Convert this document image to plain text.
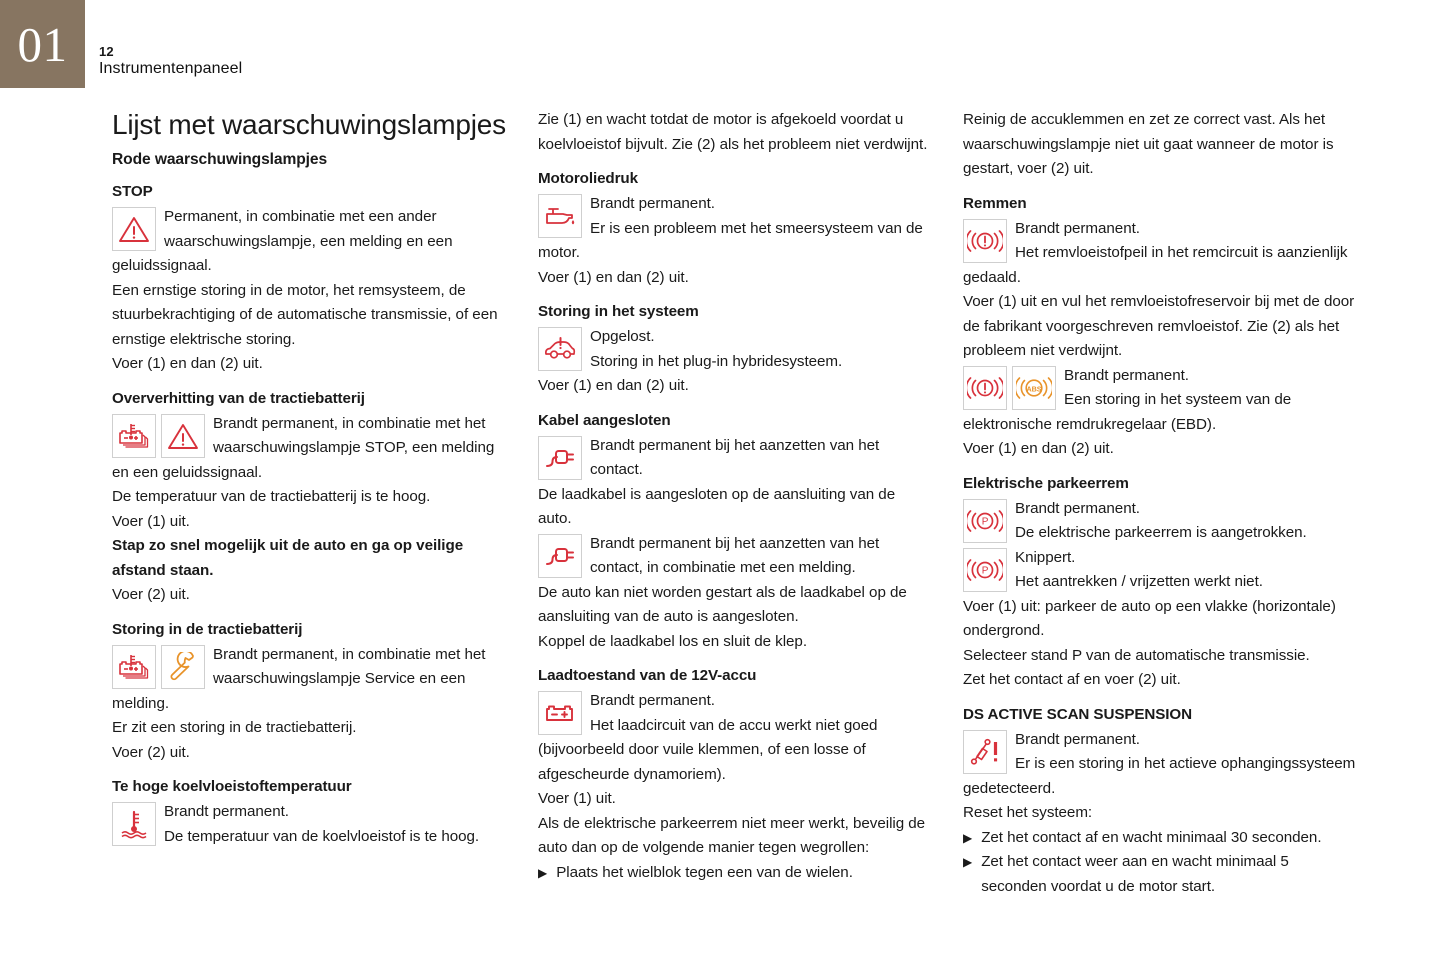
01 12
Instrumentenpaneel
Lijst met waarschuwingslampjes
Rode waarschuwingslampjes
STOP
Permanent, in combinatie met een ander waarschuwingslampje, een melding en een geluidssignaal.

Een ernstige storing in de motor, het remsysteem, de stuurbekrachtiging of de automatische transmissie, of een ernstige elektrische storing.

Voer (1) en dan (2) uit.

Oververhitting van de tractiebatterij
Brandt permanent, in combinatie met het waarschuwingslampje STOP, een melding en een geluidssignaal.

De temperatuur van de tractiebatterij is te hoog.

Voer (1) uit.

Stap zo snel mogelijk uit de auto en ga op veilige afstand staan.

Voer (2) uit.

Storing in de tractiebatterij
Brandt permanent, in combinatie met het waarschuwingslampje Service en een melding.

Er zit een storing in de tractiebatterij.

Voer (2) uit.

Te hoge koelvloeistoftemperatuur
Brandt permanent.
De temperatuur van de koelvloeistof is te hoog.

Zie (1) en wacht totdat de motor is afgekoeld voordat u koelvloeistof bijvult. Zie (2) als het probleem niet verdwijnt.

Motoroliedruk
Brandt permanent.
Er is een probleem met het smeersysteem van de motor.

Voer (1) en dan (2) uit.

Storing in het systeem
Opgelost.
Storing in het plug-in hybridesysteem.

Voer (1) en dan (2) uit.

Kabel aangesloten
Brandt permanent bij het aanzetten van het contact.

De laadkabel is aangesloten op de aansluiting van de auto.

Brandt permanent bij het aanzetten van het contact, in combinatie met een melding.

De auto kan niet worden gestart als de laadkabel op de aansluiting van de auto is aangesloten.

Koppel de laadkabel los en sluit de klep.

Laadtoestand van de 12V-accu
Brandt permanent.
Het laadcircuit van de accu werkt niet goed (bijvoorbeeld door vuile klemmen, of een losse of afgescheurde dynamoriem).

Voer (1) uit.

Als de elektrische parkeerrem niet meer werkt, beveilig de auto dan op de volgende manier tegen wegrollen:

▶ Plaats het wielblok tegen een van de wielen.

Reinig de accuklemmen en zet ze correct vast. Als het waarschuwingslampje niet uit gaat wanneer de motor is gestart, voer (2) uit.

Remmen
Brandt permanent.
Het remvloeistofpeil in het remcircuit is aanzienlijk gedaald.

Voer (1) uit en vul het remvloeistofreservoir bij met de door de fabrikant voorgeschreven remvloeistof. Zie (2) als het probleem niet verdwijnt.

ABS
Brandt permanent.
Een storing in het systeem van de elektronische remdrukregelaar (EBD).

Voer (1) en dan (2) uit.

Elektrische parkeerrem
P
Brandt permanent.
De elektrische parkeerrem is aangetrokken.
P
Knippert.
Het aantrekken / vrijzetten werkt niet.

Voer (1) uit: parkeer de auto op een vlakke (horizontale) ondergrond.

Selecteer stand P van de automatische transmissie.

Zet het contact af en voer (2) uit.

DS ACTIVE SCAN SUSPENSION
Brandt permanent.
Er is een storing in het actieve ophangingssysteem gedetecteerd.

Reset het systeem:

▶ Zet het contact af en wacht minimaal 30 seconden.
▶ Zet het contact weer aan en wacht minimaal 5 seconden voordat u de motor start.
